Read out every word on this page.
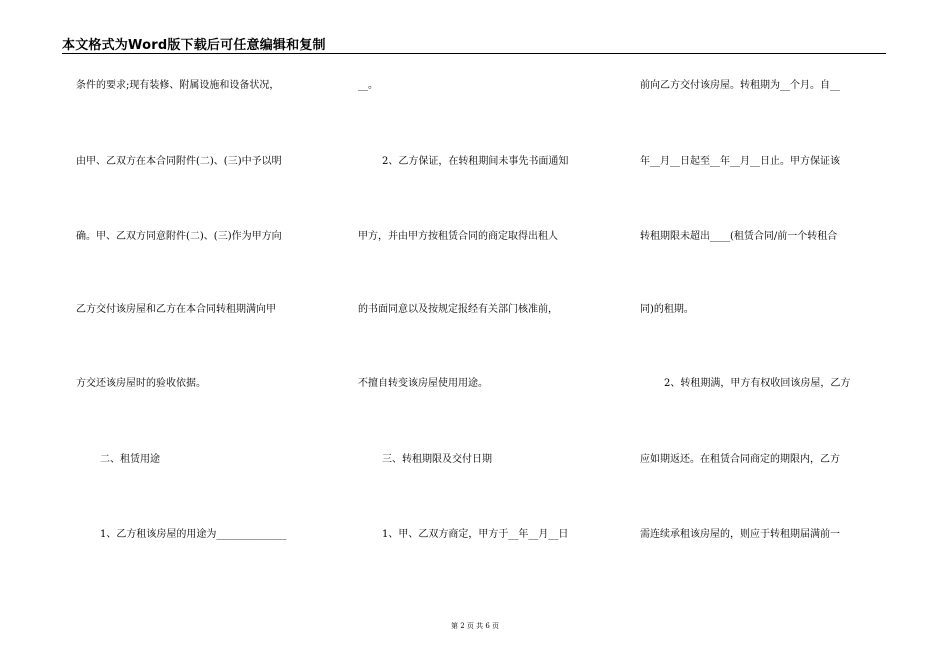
本文格式为Word版下载后可任意编辑和复制
条件的要求;现有装修、附属设施和设备状况，
由甲、乙双方在本合同附件(二)、(三)中予以明
确。甲、乙双方同意附件(二)、(三)作为甲方向
乙方交付该房屋和乙方在本合同转租期满向甲
方交还该房屋时的验收依据。
二、租赁用途
1、乙方租该房屋的用途为______________
__。
2、乙方保证，在转租期间未事先书面通知
甲方，并由甲方按租赁合同的商定取得出租人
的书面同意以及按规定报经有关部门核准前，
不擅自转变该房屋使用用途。
三、转租期限及交付日期
1、甲、乙双方商定，甲方于__年__月__日
前向乙方交付该房屋。转租期为__个月。自__
年__月__日起至__年__月__日止。甲方保证该
转租期限未超出____(租赁合同/前一个转租合
同)的租期。
2、转租期满，甲方有权收回该房屋，乙方
应如期返还。在租赁合同商定的期限内，乙方
需连续承租该房屋的，则应于转租期届满前一
第 2 页 共 6 页
